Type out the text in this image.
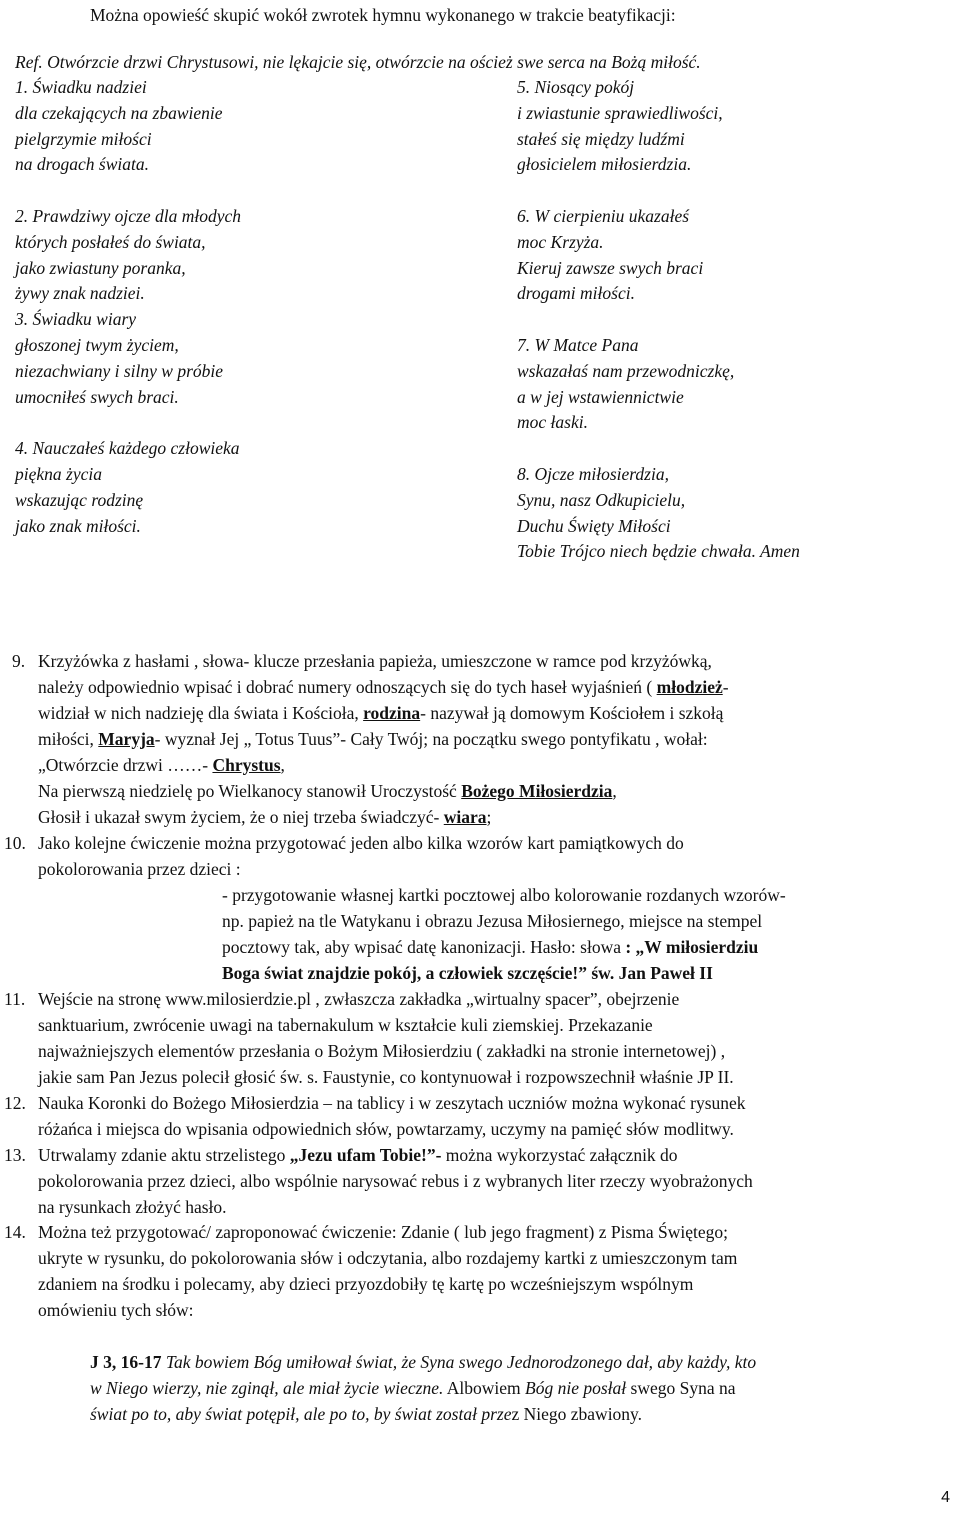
Można opowieść skupić wokół zwrotek hymnu wykonanego w trakcie beatyfikacji:
Ref. Otwórzcie drzwi Chrystusowi, nie lękajcie się, otwórzcie na oścież swe serca na Bożą miłość.
1. Świadku nadziei
dla czekających na zbawienie
pielgrzymie miłości
na drogach świata.
2. Prawdziwy ojcze dla młodych
których posłałeś do świata,
jako zwiastuny poranka,
żywy znak nadziei.
3. Świadku wiary
głoszonej twym życiem,
niezachwiany i silny w próbie
umocniłeś swych braci.
4. Nauczałeś każdego człowieka
piękna życia
wskazując rodzinę
jako znak miłości.
5. Niosący pokój
i zwiastunie sprawiedliwości,
stałeś się między ludźmi
głosicielem miłosierdzia.
6. W cierpieniu ukazałeś
moc Krzyża.
Kieruj zawsze swych braci
drogami miłości.
7. W Matce Pana
wskazałaś nam przewodniczkę,
a w jej wstawiennictwie
moc łaski.
8. Ojcze miłosierdzia,
Synu, nasz Odkupicielu,
Duchu Święty Miłości
Tobie Trójco niech będzie chwała. Amen
9. Krzyżówka z hasłami , słowa- klucze przesłania papieża, umieszczone w ramce pod krzyżówką,
należy odpowiednio wpisać i dobrać numery odnoszących się do tych haseł wyjaśnień ( młodzież-
widział w nich nadzieję dla świata i Kościoła, rodzina- nazywał ją domowym Kościołem i szkołą
miłości, Maryja- wyznał Jej „ Totus Tuus”- Cały Twój; na początku swego pontyfikatu , wołał:
„Otwórzcie drzwi ……- Chrystus,
Na pierwszą niedzielę po Wielkanocy stanowił Uroczystość Bożego Miłosierdzia,
Głosił i ukazał swym życiem, że o niej trzeba świadczyć- wiara;
10. Jako kolejne ćwiczenie można przygotować jeden albo kilka wzorów kart pamiątkowych do
pokolorowania przez dzieci :
- przygotowanie własnej kartki pocztowej albo kolorowanie rozdanych wzorów-
np. papież na tle Watykanu i obrazu Jezusa Miłosiernego, miejsce na stempel
pocztowy tak, aby wpisać datę kanonizacji. Hasło: słowa : „W miłosierdziu
Boga świat znajdzie pokój, a człowiek szczęście!” św. Jan Paweł II
11. Wejście na stronę www.milosierdzie.pl , zwłaszcza zakładka „wirtualny spacer”, obejrzenie
sanktuarium, zwrócenie uwagi na tabernakulum w kształcie kuli ziemskiej. Przekazanie
najważniejszych elementów przesłania o Bożym Miłosierdziu ( zakładki na stronie internetowej) ,
jakie sam Pan Jezus polecił głosić św. s. Faustynie, co kontynuował i rozpowszechnił właśnie JP II.
12. Nauka Koronki do Bożego Miłosierdzia – na tablicy i w zeszytach uczniów można wykonać rysunek
różańca i miejsca do wpisania odpowiednich słów, powtarzamy, uczymy na pamięć słów modlitwy.
13. Utrwalamy zdanie aktu strzelistego „Jezu ufam Tobie!”- można wykorzystać załącznik do
pokolorowania przez dzieci, albo wspólnie narysować rebus i z wybranych liter rzeczy wyobrażonych
na rysunkach złożyć hasło.
14. Można też przygotować/ zaproponować ćwiczenie: Zdanie ( lub jego fragment) z Pisma Świętego;
ukryte w rysunku, do pokolorowania słów i odczytania, albo rozdajemy kartki z umieszczonym tam
zdaniem na środku i polecamy, aby dzieci przyozdobiły tę kartę po wcześniejszym wspólnym
omówieniu tych słów:
J 3, 16-17 Tak bowiem Bóg umiłował świat, że Syna swego Jednorodzonego dał, aby każdy, kto
w Niego wierzy, nie zginął, ale miał życie wieczne. Albowiem Bóg nie posłał swego Syna na
świat po to, aby świat potępił, ale po to, by świat został przez Niego zbawiony.
4
